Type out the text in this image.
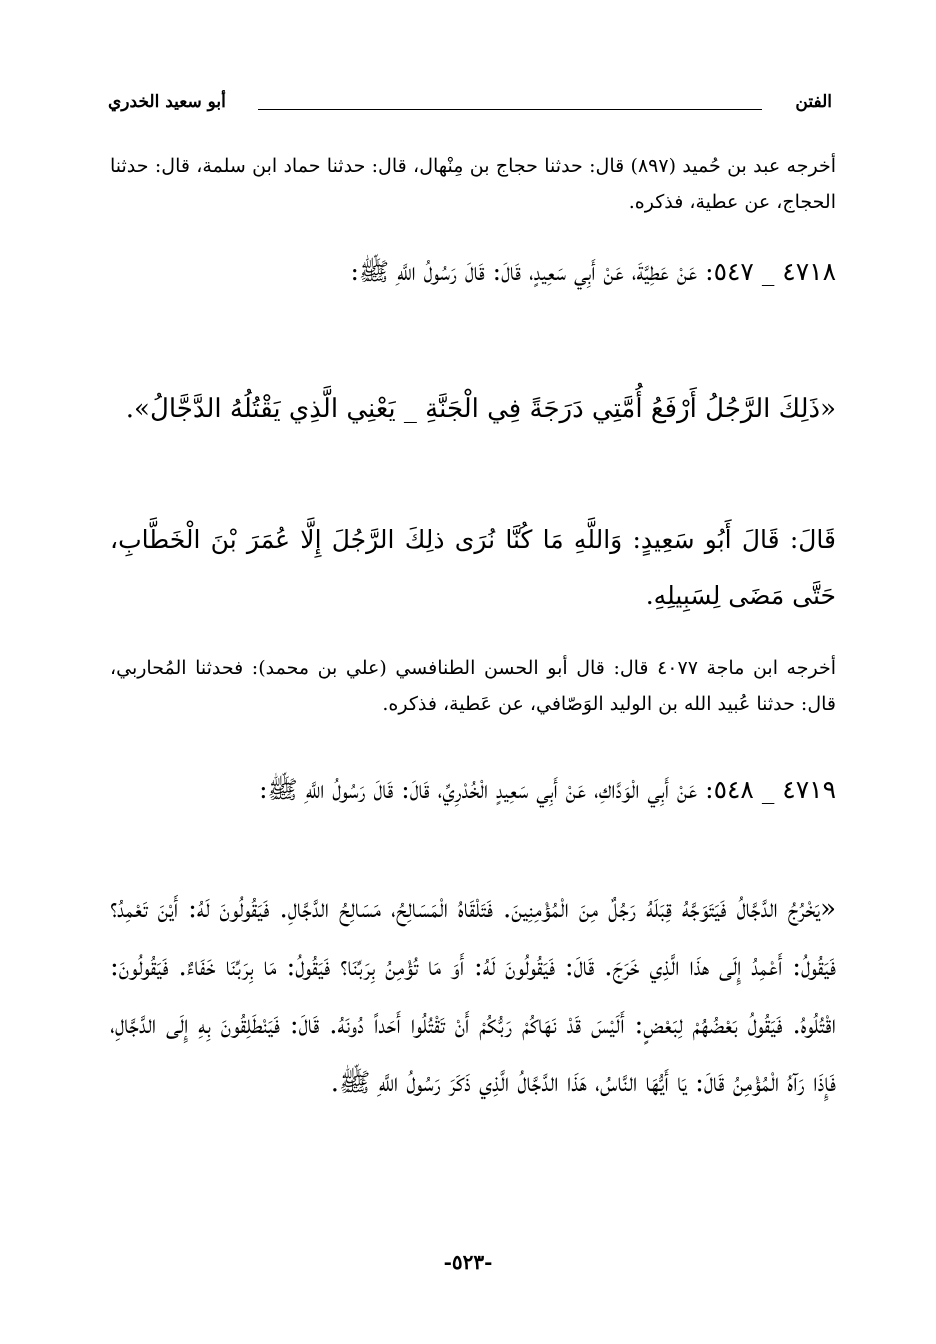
الفتن
أبو سعيد الخدري
أخرجه عبد بن حُميد (٨٩٧) قال: حدثنا حجاج بن مِنْهال، قال: حدثنا حماد ابن سلمة، قال: حدثنا الحجاج، عن عطية، فذكره.
٤٧١٨ _ ٥٤٧: عَنْ عَطِيَّةَ، عَنْ أَبِي سَعِيدٍ، قَالَ: قَالَ رَسُولُ اللَّهِ ﷺ:
«ذَلِكَ الرَّجُلُ أَرْفَعُ أُمَّتِي دَرَجَةً فِي الْجَنَّةِ _ يَعْنِي الَّذِي يَقْتُلُهُ الدَّجَّالُ».
قَالَ: قَالَ أَبُو سَعِيدٍ: وَاللَّهِ مَا كُنَّا نُرَى ذلِكَ الرَّجُلَ إِلَّا عُمَرَ بْنَ الْخَطَّابِ، حَتَّى مَضَى لِسَبِيلِهِ.
أخرجه ابن ماجة ٤٠٧٧ قال: قال أبو الحسن الطنافسي (علي بن محمد): فحدثنا المُحاربي، قال: حدثنا عُبيد الله بن الوليد الوَصّافي، عن عَطية، فذكره.
٤٧١٩ _ ٥٤٨: عَنْ أَبِي الْوَدَّاكِ، عَنْ أَبِي سَعِيدٍ الْخُدْرِيِّ، قَالَ: قَالَ رَسُولُ اللَّهِ ﷺ:
«يَخْرُجُ الدَّجَّالُ فَيَتَوَجَّهُ قِبَلَهُ رَجُلٌ مِنَ الْمُؤْمِنِينَ. فَتَلْقَاهُ الْمَسَالِحُ، مَسَالِحُ الدَّجَّالِ. فَيَقُولُونَ لَهُ: أَيْنَ تَعْمِدُ؟ فَيَقُولُ: أَعْمِدُ إِلَى هذَا الَّذِي خَرَجَ. قَالَ: فَيَقُولُونَ لَهُ: أَوَ مَا تُؤْمِنُ بِرَبِّنَا؟ فَيَقُولُ: مَا بِرَبِّنَا خَفَاءٌ. فَيَقُولُونَ: اقْتُلُوهُ. فَيَقُولُ بَعْضُهُمْ لِبَعْضٍ: أَلَيْسَ قَدْ نَهَاكُمْ رَبُّكُمْ أَنْ تَقْتُلُوا أَحَداً دُونَهُ. قَالَ: فَيَنْطَلِقُونَ بِهِ إِلَى الدَّجَّالِ، فَإِذَا رَآهُ الْمُؤْمِنُ قَالَ: يَا أَيُّهَا النَّاسُ، هَذَا الدَّجَّالُ الَّذِي ذَكَرَ رَسُولُ اللَّهِ ﷺ.
-٥٢٣-
